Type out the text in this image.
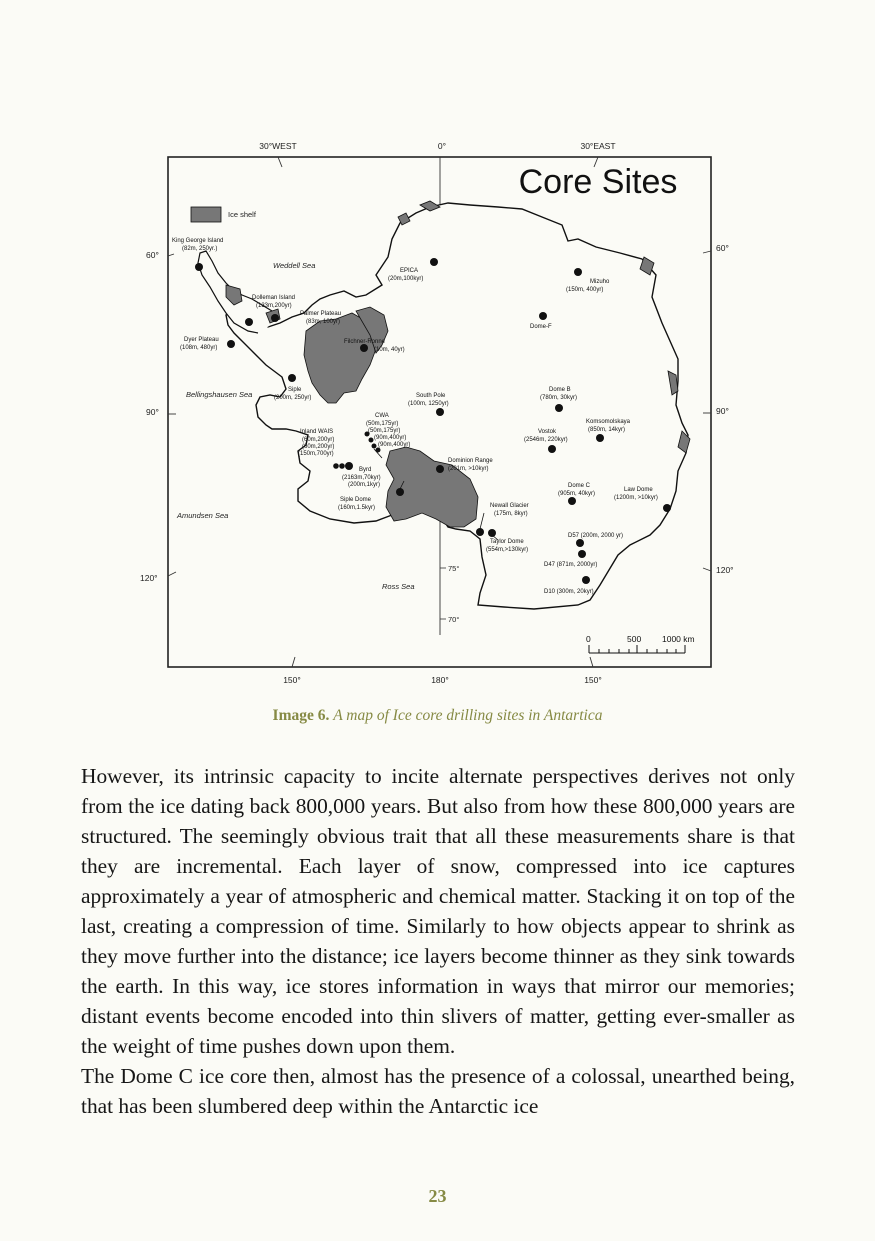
30°WEST	0°	30°EAST
150°	180°	150°
60°
90°
120°
60°
90°
120°
75°
70°
Ice shelf
Core Sites
Weddell Sea
Bellingshausen Sea
Amundsen Sea
Ross Sea
King George Island (82m, 250yr.)
Dolleman Island (133m,200yr)
Palmer Plateau (83m, 100yr)
Dyer Plateau (108m, 480yr)
Filchner-Ronne (10m, 40yr)
Siple (200m, 250yr)
EPICA (20m,100kyr)
South Pole (100m, 1250yr)
CWA (50m,175yr) (50m,175yr) (90m,400yr) (90m,400yr)
Inland WAIS (60m,200yr) (60m,200yr) (150m,700yr)
Byrd (2163m,70kyr) (200m,1kyr)
Siple Dome (160m,1.5kyr)
Dominion Range (201m, >10kyr)
Newall Glacier (175m, 8kyr)
Taylor Dome (554m,>130kyr)
Mizuho (150m, 400yr)
Dome-F
Dome B (780m, 30kyr)
Komsomolskaya (850m, 14kyr)
Vostok (2546m, 220kyr)
Dome C (905m, 40kyr)
Law Dome (1200m, >10kyr)
D57 (200m, 2000 yr)
D47 (871m, 2000yr)
D10 (300m, 20kyr)
0	500 1000 km
Image 6. A map of Ice core drilling sites in Antartica

However, its intrinsic capacity to incite alternate perspectives derives not only from the ice dating back 800,000 years. But also from how these 800,000 years are structured. The seemingly obvious trait that all these measurements share is that they are incremental. Each layer of snow, compressed into ice captures approximately a year of atmospheric and chemical matter. Stacking it on top of the last, creating a compression of time. Similarly to how objects appear to shrink as they move further into the distance; ice layers become thinner as they sink towards the earth. In this way, ice stores information in ways that mirror our memories; distant events become encoded into thin slivers of matter, getting ever-smaller as the weight of time pushes down upon them.

The Dome C ice core then, almost has the presence of a colossal, unearthed being, that has been slumbered deep within the Antarctic ice

23
